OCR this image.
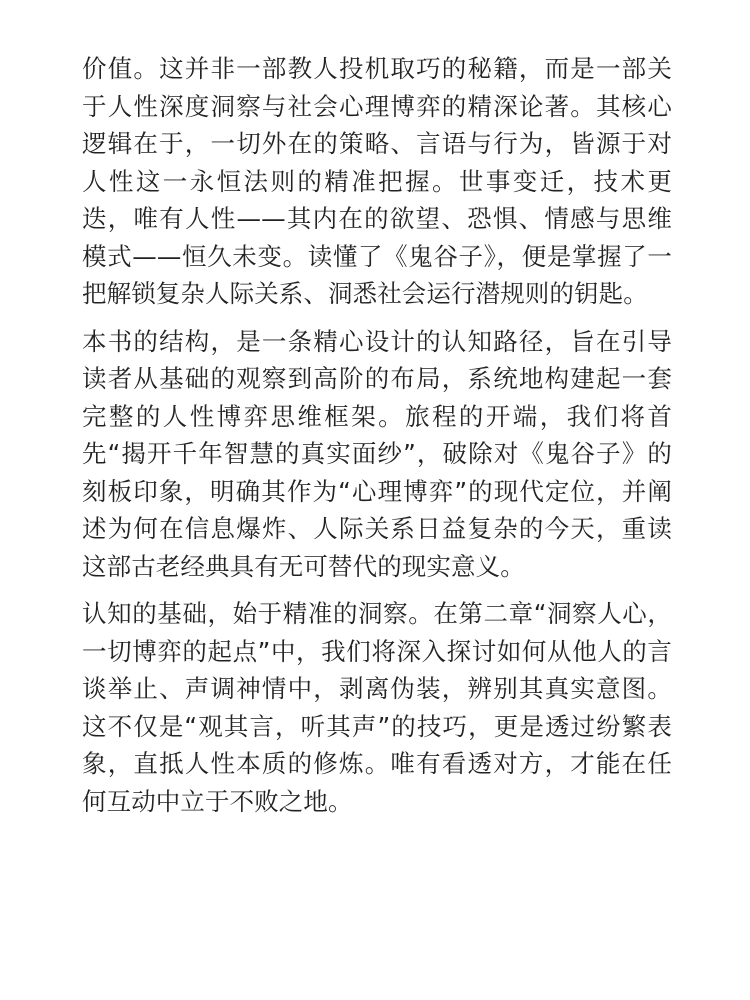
价值。这并非一部教人投机取巧的秘籍，而是一部关于人性深度洞察与社会心理博弈的精深论著。其核心逻辑在于，一切外在的策略、言语与行为，皆源于对人性这一永恒法则的精准把握。世事变迁，技术更迭，唯有人性——其内在的欲望、恐惧、情感与思维模式——恒久未变。读懂了《鬼谷子》，便是掌握了一把解锁复杂人际关系、洞悉社会运行潜规则的钥匙。

本书的结构，是一条精心设计的认知路径，旨在引导读者从基础的观察到高阶的布局，系统地构建起一套完整的人性博弈思维框架。旅程的开端，我们将首先“揭开千年智慧的真实面纱”，破除对《鬼谷子》的刻板印象，明确其作为“心理博弈”的现代定位，并阐述为何在信息爆炸、人际关系日益复杂的今天，重读这部古老经典具有无可替代的现实意义。

认知的基础，始于精准的洞察。在第二章“洞察人心，一切博弈的起点”中，我们将深入探讨如何从他人的言谈举止、声调神情中，剥离伪装，辨别其真实意图。这不仅是“观其言，听其声”的技巧，更是透过纷繁表象，直抵人性本质的修炼。唯有看透对方，才能在任何互动中立于不败之地。
